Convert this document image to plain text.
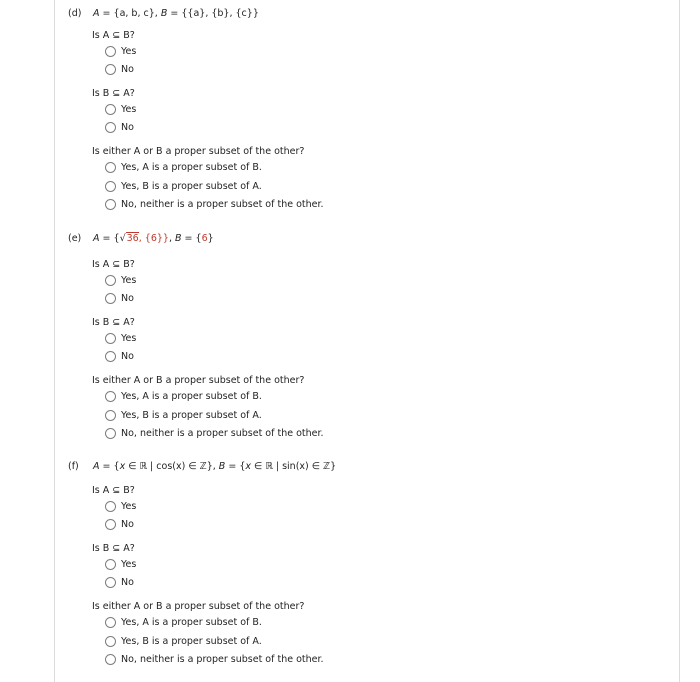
(d) A = {a, b, c}, B = {{a}, {b}, {c}}
Is A ⊆ B?
Yes
No
Is B ⊆ A?
Yes
No
Is either A or B a proper subset of the other?
Yes, A is a proper subset of B.
Yes, B is a proper subset of A.
No, neither is a proper subset of the other.
(e) A = {√36, {6}}, B = {6}
Is A ⊆ B?
Yes
No
Is B ⊆ A?
Yes
No
Is either A or B a proper subset of the other?
Yes, A is a proper subset of B.
Yes, B is a proper subset of A.
No, neither is a proper subset of the other.
(f) A = {x ∈ ℝ | cos(x) ∈ ℤ}, B = {x ∈ ℝ | sin(x) ∈ ℤ}
Is A ⊆ B?
Yes
No
Is B ⊆ A?
Yes
No
Is either A or B a proper subset of the other?
Yes, A is a proper subset of B.
Yes, B is a proper subset of A.
No, neither is a proper subset of the other.
